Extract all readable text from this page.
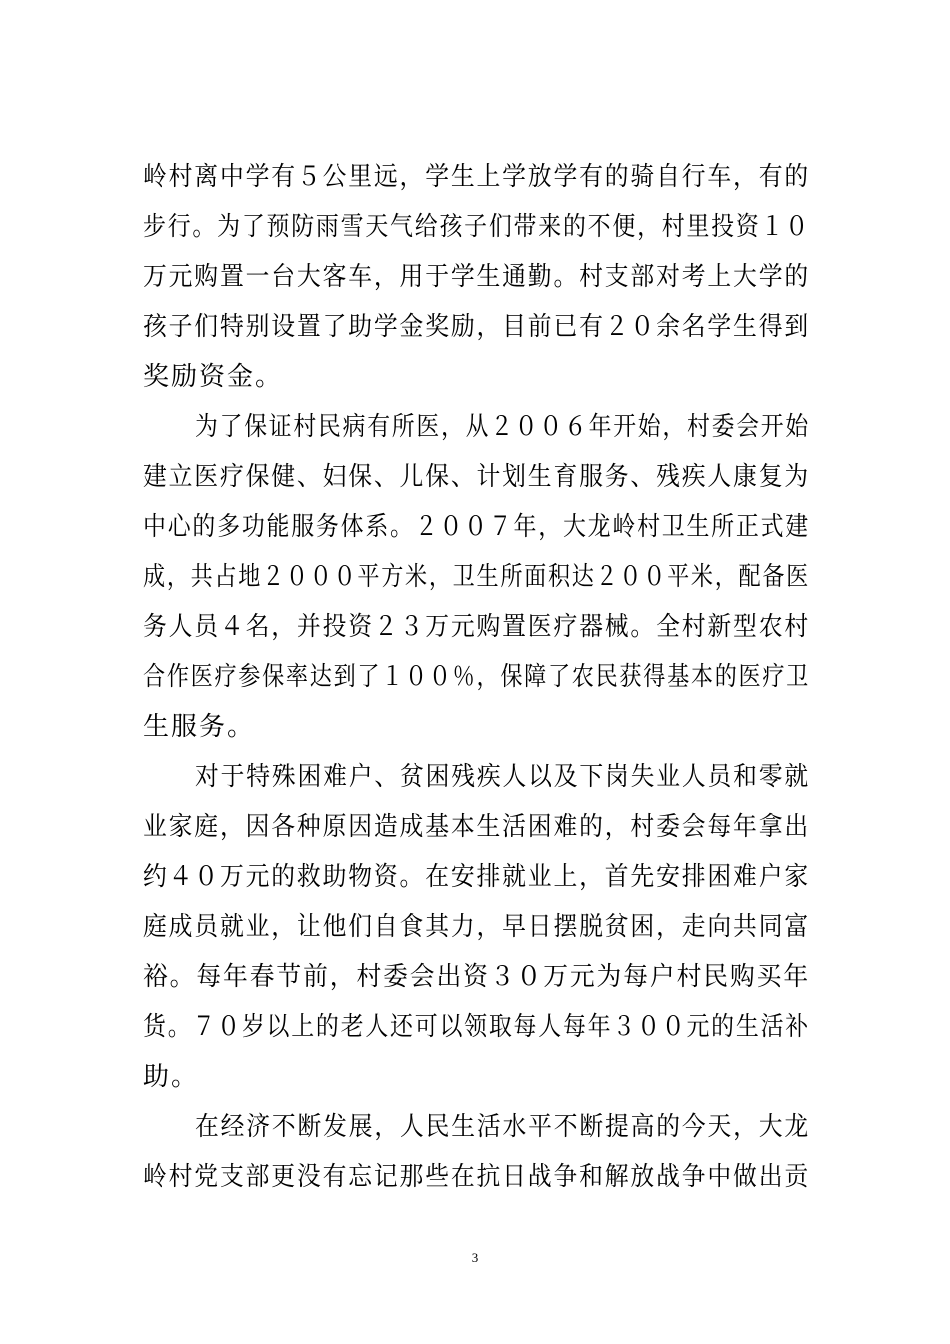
岭村离中学有５公里远，学生上学放学有的骑自行车，有的
步行。为了预防雨雪天气给孩子们带来的不便，村里投资１０
万元购置一台大客车，用于学生通勤。村支部对考上大学的
孩子们特别设置了助学金奖励，目前已有２０余名学生得到
奖励资金。
为了保证村民病有所医，从２００６年开始，村委会开始
建立医疗保健、妇保、儿保、计划生育服务、残疾人康复为
中心的多功能服务体系。２００７年，大龙岭村卫生所正式建
成，共占地２０００平方米，卫生所面积达２００平米，配备医
务人员４名，并投资２３万元购置医疗器械。全村新型农村
合作医疗参保率达到了１００％，保障了农民获得基本的医疗卫
生服务。
对于特殊困难户、贫困残疾人以及下岗失业人员和零就
业家庭，因各种原因造成基本生活困难的，村委会每年拿出
约４０万元的救助物资。在安排就业上，首先安排困难户家
庭成员就业，让他们自食其力，早日摆脱贫困，走向共同富
裕。每年春节前，村委会出资３０万元为每户村民购买年
货。７０岁以上的老人还可以领取每人每年３００元的生活补
助。
在经济不断发展，人民生活水平不断提高的今天，大龙
岭村党支部更没有忘记那些在抗日战争和解放战争中做出贡
3
